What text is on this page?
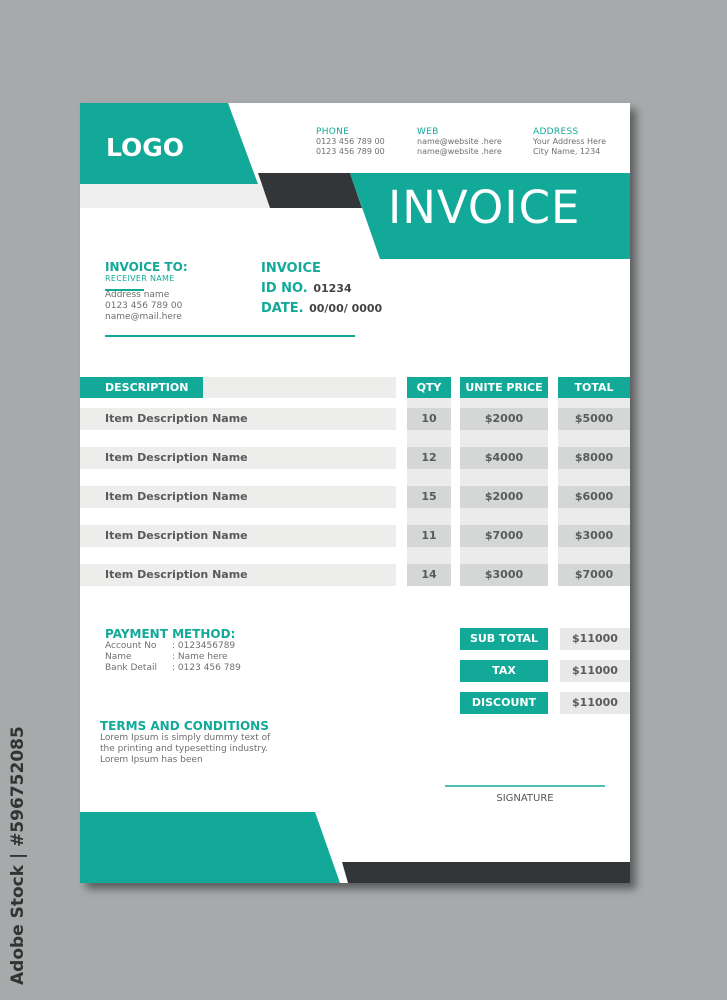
Adobe Stock | #596752085
LOGO
PHONE
0123 456 789 00
0123 456 789 00
WEB
name@website .here
name@website .here
ADDRESS
Your Address Here
City Name, 1234
INVOICE
INVOICE TO:
RECEIVER NAME
Address name
0123 456 789 00
name@mail.here
INVOICE
ID NO. 01234
DATE. 00/00/ 0000
DESCRIPTION	QTY	UNITE PRICE	TOTAL
Item Description Name	10	$2000	$5000
Item Description Name	12	$4000	$8000
Item Description Name	15	$2000	$6000
Item Description Name	11	$7000	$3000
Item Description Name	14	$3000	$7000
PAYMENT METHOD:
Account No : 0123456789
Name	: Name here
Bank Detail : 0123 456 789
SUB TOTAL	$11000
TAX	$11000
DISCOUNT	$11000
TERMS AND CONDITIONS
Lorem Ipsum is simply dummy text of
the printing and typesetting industry.
Lorem Ipsum has been
SIGNATURE
